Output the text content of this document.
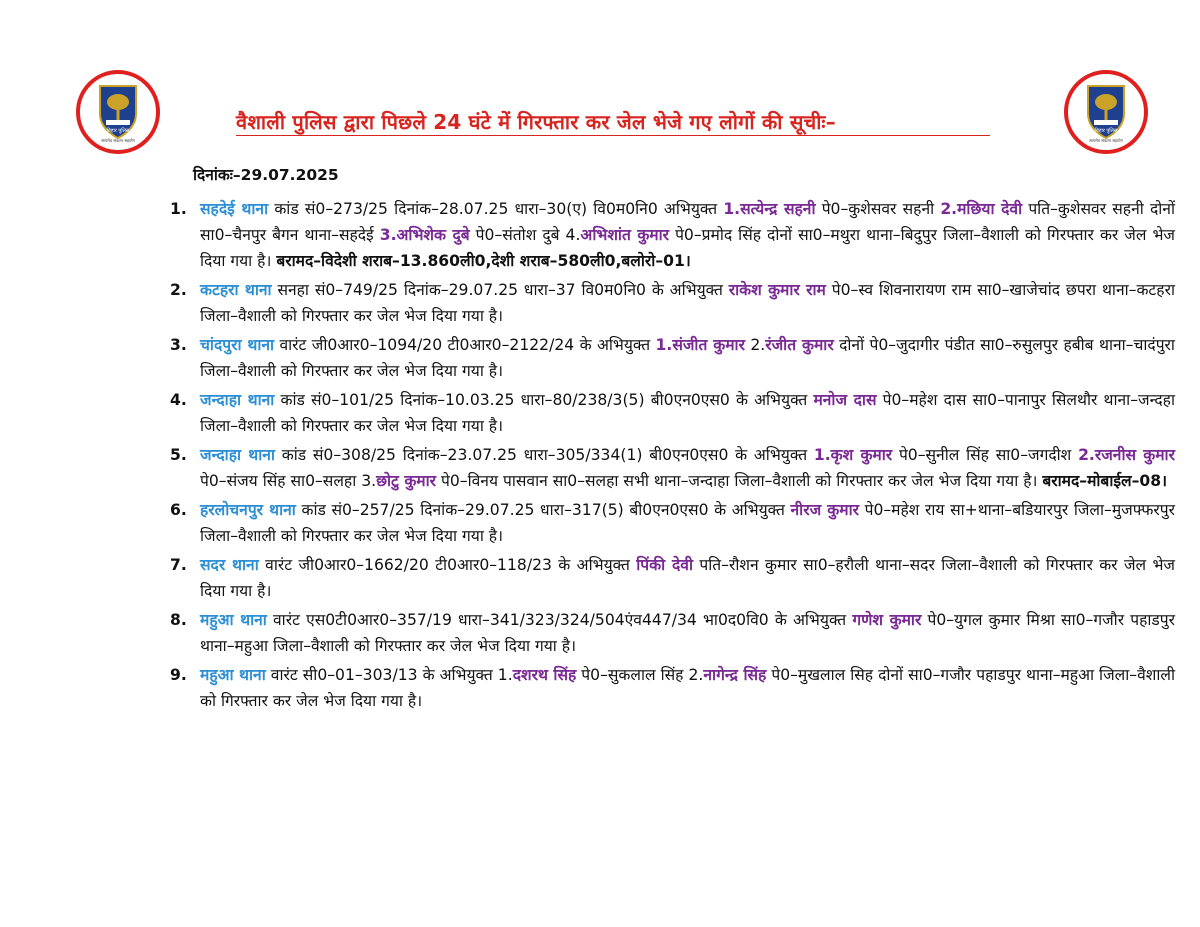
बिहार पुलिस
सत्यमेव संकल्प सहयोग
बिहार पुलिस
सत्यमेव संकल्प सहयोग
वैशाली पुलिस द्वारा पिछले 24 घंटे में गिरफ्तार कर जेल भेजे गए लोगों की सूचीः–
दिनांकः–29.07.2025
1. सहदेई थाना कांड सं0–273/25 दिनांक–28.07.25 धारा–30(ए) वि0म0नि0 अभियुक्त 1.सत्येन्द्र सहनी पे0–कुशेसवर सहनी 2.मछिया देवी पति–कुशेसवर सहनी दोनों सा0–चैनपुर बैगन थाना–सहदेई 3.अभिशेक दुबे पे0–संतोश दुबे 4.अभिशांत कुमार पे0–प्रमोद सिंह दोनों सा0–मथुरा थाना–बिदुपुर जिला–वैशाली को गिरफ्तार कर जेल भेज दिया गया है। बरामद–विदेशी शराब–13.860ली0,देशी शराब–580ली0,बलोरो–01।
2. कटहरा थाना सनहा सं0–749/25 दिनांक–29.07.25 धारा–37 वि0म0नि0 के अभियुक्त राकेश कुमार राम पे0–स्व शिवनारायण राम सा0–खाजेचांद छपरा थाना–कटहरा जिला–वैशाली को गिरफ्तार कर जेल भेज दिया गया है।
3. चांदपुरा थाना वारंट जी0आर0–1094/20 टी0आर0–2122/24 के अभियुक्त 1.संजीत कुमार 2.रंजीत कुमार दोनों पे0–जुदागीर पंडीत सा0–रुसुलपुर हबीब थाना–चादंपुरा जिला–वैशाली को गिरफ्तार कर जेल भेज दिया गया है।
4. जन्दाहा थाना कांड सं0–101/25 दिनांक–10.03.25 धारा–80/238/3(5) बी0एन0एस0 के अभियुक्त मनोज दास पे0–महेश दास सा0–पानापुर सिलथौर थाना–जन्दहा जिला–वैशाली को गिरफ्तार कर जेल भेज दिया गया है।
5. जन्दाहा थाना कांड सं0–308/25 दिनांक–23.07.25 धारा–305/334(1) बी0एन0एस0 के अभियुक्त 1.कृश कुमार पे0–सुनील सिंह सा0–जगदीश 2.रजनीस कुमार पे0–संजय सिंह सा0–सलहा 3.छोटु कुमार पे0–विनय पासवान सा0–सलहा सभी थाना–जन्दाहा जिला–वैशाली को गिरफ्तार कर जेल भेज दिया गया है। बरामद–मोबाईल–08।
6. हरलोचनपुर थाना कांड सं0–257/25 दिनांक–29.07.25 धारा–317(5) बी0एन0एस0 के अभियुक्त नीरज कुमार पे0–महेश राय सा+थाना–बडियारपुर जिला–मुजफ्फरपुर जिला–वैशाली को गिरफ्तार कर जेल भेज दिया गया है।
7. सदर थाना वारंट जी0आर0–1662/20 टी0आर0–118/23 के अभियुक्त पिंकी देवी पति–रौशन कुमार सा0–हरौली थाना–सदर जिला–वैशाली को गिरफ्तार कर जेल भेज दिया गया है।
8. महुआ थाना वारंट एस0टी0आर0–357/19 धारा–341/323/324/504एंव447/34 भा0द0वि0 के अभियुक्त गणेश कुमार पे0–युगल कुमार मिश्रा सा0–गजौर पहाडपुर थाना–महुआ जिला–वैशाली को गिरफ्तार कर जेल भेज दिया गया है।
9. महुआ थाना वारंट सी0–01–303/13 के अभियुक्त 1.दशरथ सिंह पे0–सुकलाल सिंह 2.नागेन्द्र सिंह पे0–मुखलाल सिह दोनों सा0–गजौर पहाडपुर थाना–महुआ जिला–वैशाली को गिरफ्तार कर जेल भेज दिया गया है।
